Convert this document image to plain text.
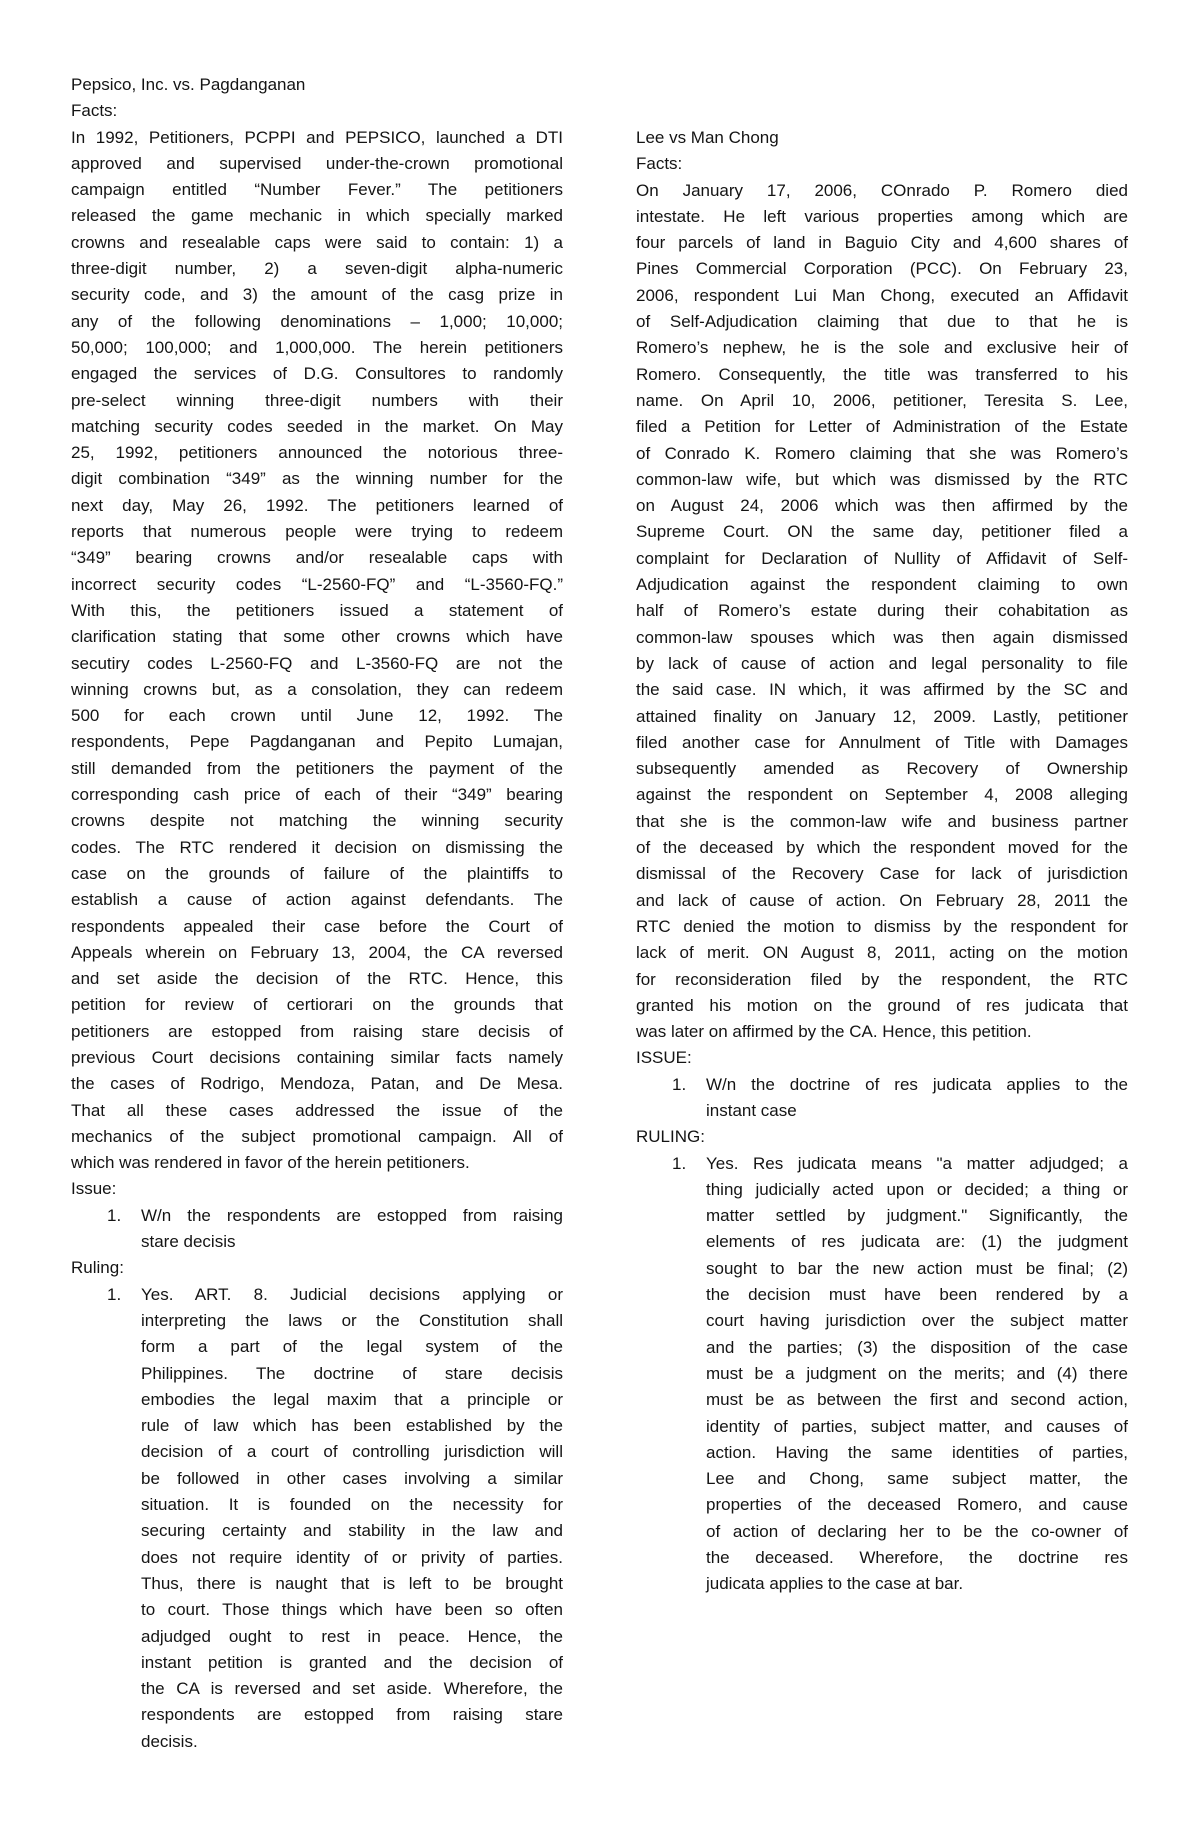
Pepsico, Inc. vs. Pagdanganan
Facts:
In 1992, Petitioners, PCPPI and PEPSICO, launched a DTI
approved and supervised under-the-crown promotional
campaign entitled “Number Fever.” The petitioners
released the game mechanic in which specially marked
crowns and resealable caps were said to contain: 1) a
three-digit number, 2) a seven-digit alpha-numeric
security code, and 3) the amount of the casg prize in
any of the following denominations – 1,000; 10,000;
50,000; 100,000; and 1,000,000. The herein petitioners
engaged the services of D.G. Consultores to randomly
pre-select winning three-digit numbers with their
matching security codes seeded in the market. On May
25, 1992, petitioners announced the notorious three-
digit combination “349” as the winning number for the
next day, May 26, 1992. The petitioners learned of
reports that numerous people were trying to redeem
“349” bearing crowns and/or resealable caps with
incorrect security codes “L-2560-FQ” and “L-3560-FQ.”
With this, the petitioners issued a statement of
clarification stating that some other crowns which have
secutiry codes L-2560-FQ and L-3560-FQ are not the
winning crowns but, as a consolation, they can redeem
500 for each crown until June 12, 1992. The
respondents, Pepe Pagdanganan and Pepito Lumajan,
still demanded from the petitioners the payment of the
corresponding cash price of each of their “349” bearing
crowns despite not matching the winning security
codes. The RTC rendered it decision on dismissing the
case on the grounds of failure of the plaintiffs to
establish a cause of action against defendants. The
respondents appealed their case before the Court of
Appeals wherein on February 13, 2004, the CA reversed
and set aside the decision of the RTC. Hence, this
petition for review of certiorari on the grounds that
petitioners are estopped from raising stare decisis of
previous Court decisions containing similar facts namely
the cases of Rodrigo, Mendoza, Patan, and De Mesa.
That all these cases addressed the issue of the
mechanics of the subject promotional campaign. All of
which was rendered in favor of the herein petitioners.
Issue:
1. W/n the respondents are estopped from raising
stare decisis
Ruling:
1. Yes. ART. 8. Judicial decisions applying or
interpreting the laws or the Constitution shall
form a part of the legal system of the
Philippines. The doctrine of stare decisis
embodies the legal maxim that a principle or
rule of law which has been established by the
decision of a court of controlling jurisdiction will
be followed in other cases involving a similar
situation. It is founded on the necessity for
securing certainty and stability in the law and
does not require identity of or privity of parties.
Thus, there is naught that is left to be brought
to court. Those things which have been so often
adjudged ought to rest in peace. Hence, the
instant petition is granted and the decision of
the CA is reversed and set aside. Wherefore, the
respondents are estopped from raising stare
decisis.
Lee vs Man Chong
Facts:
On January 17, 2006, COnrado P. Romero died
intestate. He left various properties among which are
four parcels of land in Baguio City and 4,600 shares of
Pines Commercial Corporation (PCC). On February 23,
2006, respondent Lui Man Chong, executed an Affidavit
of Self-Adjudication claiming that due to that he is
Romero’s nephew, he is the sole and exclusive heir of
Romero. Consequently, the title was transferred to his
name. On April 10, 2006, petitioner, Teresita S. Lee,
filed a Petition for Letter of Administration of the Estate
of Conrado K. Romero claiming that she was Romero’s
common-law wife, but which was dismissed by the RTC
on August 24, 2006 which was then affirmed by the
Supreme Court. ON the same day, petitioner filed a
complaint for Declaration of Nullity of Affidavit of Self-
Adjudication against the respondent claiming to own
half of Romero’s estate during their cohabitation as
common-law spouses which was then again dismissed
by lack of cause of action and legal personality to file
the said case. IN which, it was affirmed by the SC and
attained finality on January 12, 2009. Lastly, petitioner
filed another case for Annulment of Title with Damages
subsequently amended as Recovery of Ownership
against the respondent on September 4, 2008 alleging
that she is the common-law wife and business partner
of the deceased by which the respondent moved for the
dismissal of the Recovery Case for lack of jurisdiction
and lack of cause of action. On February 28, 2011 the
RTC denied the motion to dismiss by the respondent for
lack of merit. ON August 8, 2011, acting on the motion
for reconsideration filed by the respondent, the RTC
granted his motion on the ground of res judicata that
was later on affirmed by the CA. Hence, this petition.
ISSUE:
1. W/n the doctrine of res judicata applies to the
instant case
RULING:
1. Yes. Res judicata means "a matter adjudged; a
thing judicially acted upon or decided; a thing or
matter settled by judgment." Significantly, the
elements of res judicata are: (1) the judgment
sought to bar the new action must be final; (2)
the decision must have been rendered by a
court having jurisdiction over the subject matter
and the parties; (3) the disposition of the case
must be a judgment on the merits; and (4) there
must be as between the first and second action,
identity of parties, subject matter, and causes of
action. Having the same identities of parties,
Lee and Chong, same subject matter, the
properties of the deceased Romero, and cause
of action of declaring her to be the co-owner of
the deceased. Wherefore, the doctrine res
judicata applies to the case at bar.
